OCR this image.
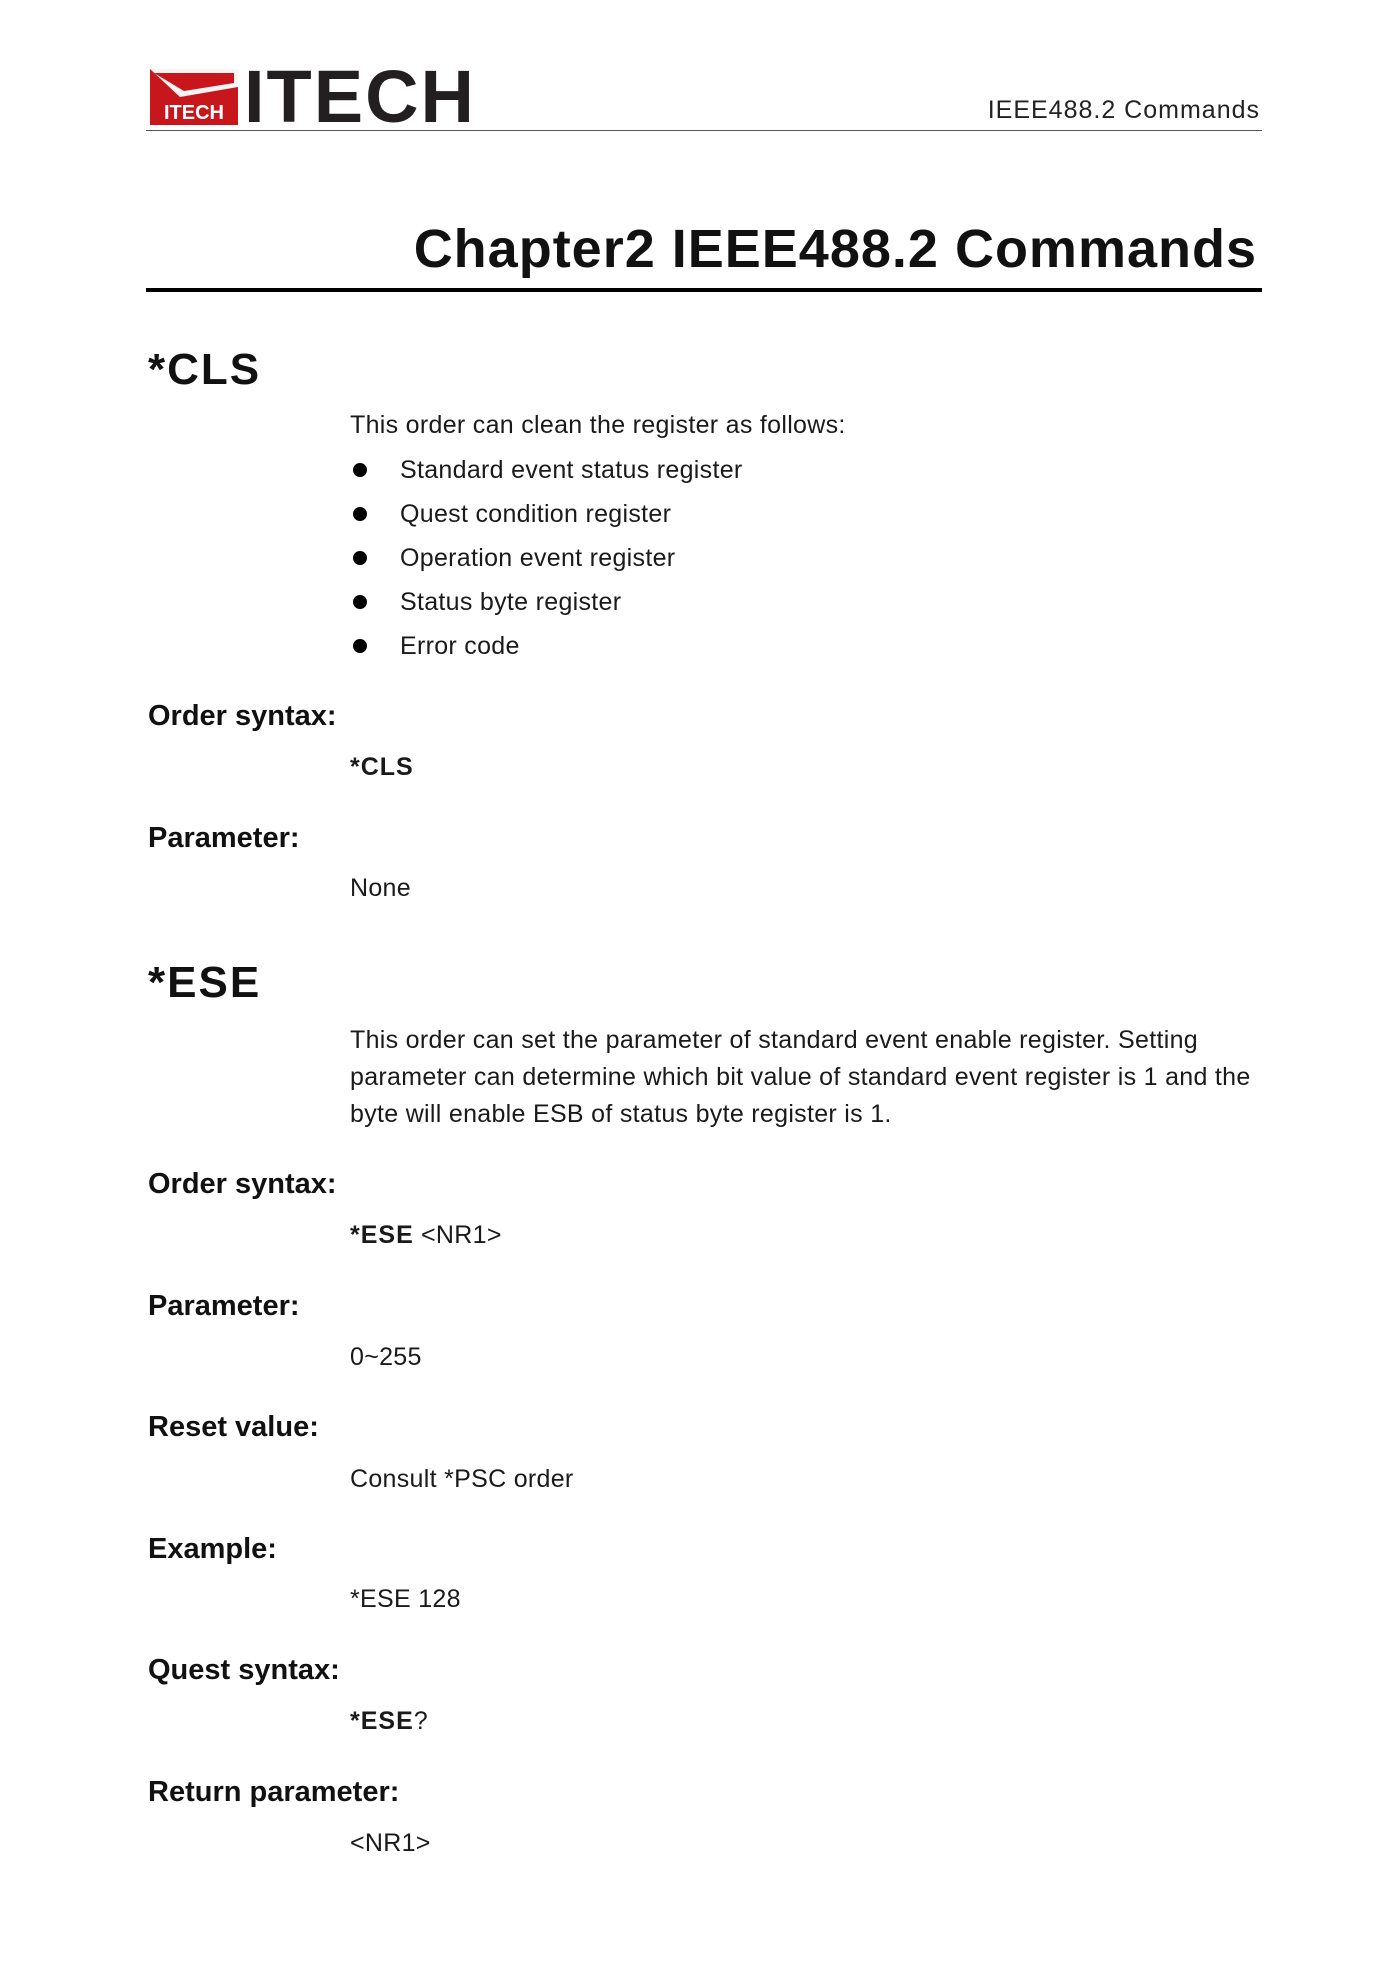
ITECH ITECH	IEEE488.2 Commands
Chapter2 IEEE488.2 Commands
*CLS
This order can clean the register as follows:
Standard event status register
Quest condition register
Operation event register
Status byte register
Error code
Order syntax:
*CLS
Parameter:
None
*ESE
This order can set the parameter of standard event enable register. Setting
parameter can determine which bit value of standard event register is 1 and the
byte will enable ESB of status byte register is 1.
Order syntax:
*ESE <NR1>
Parameter:
0~255
Reset value:
Consult *PSC order
Example:
*ESE 128
Quest syntax:
*ESE?
Return parameter:
<NR1>
